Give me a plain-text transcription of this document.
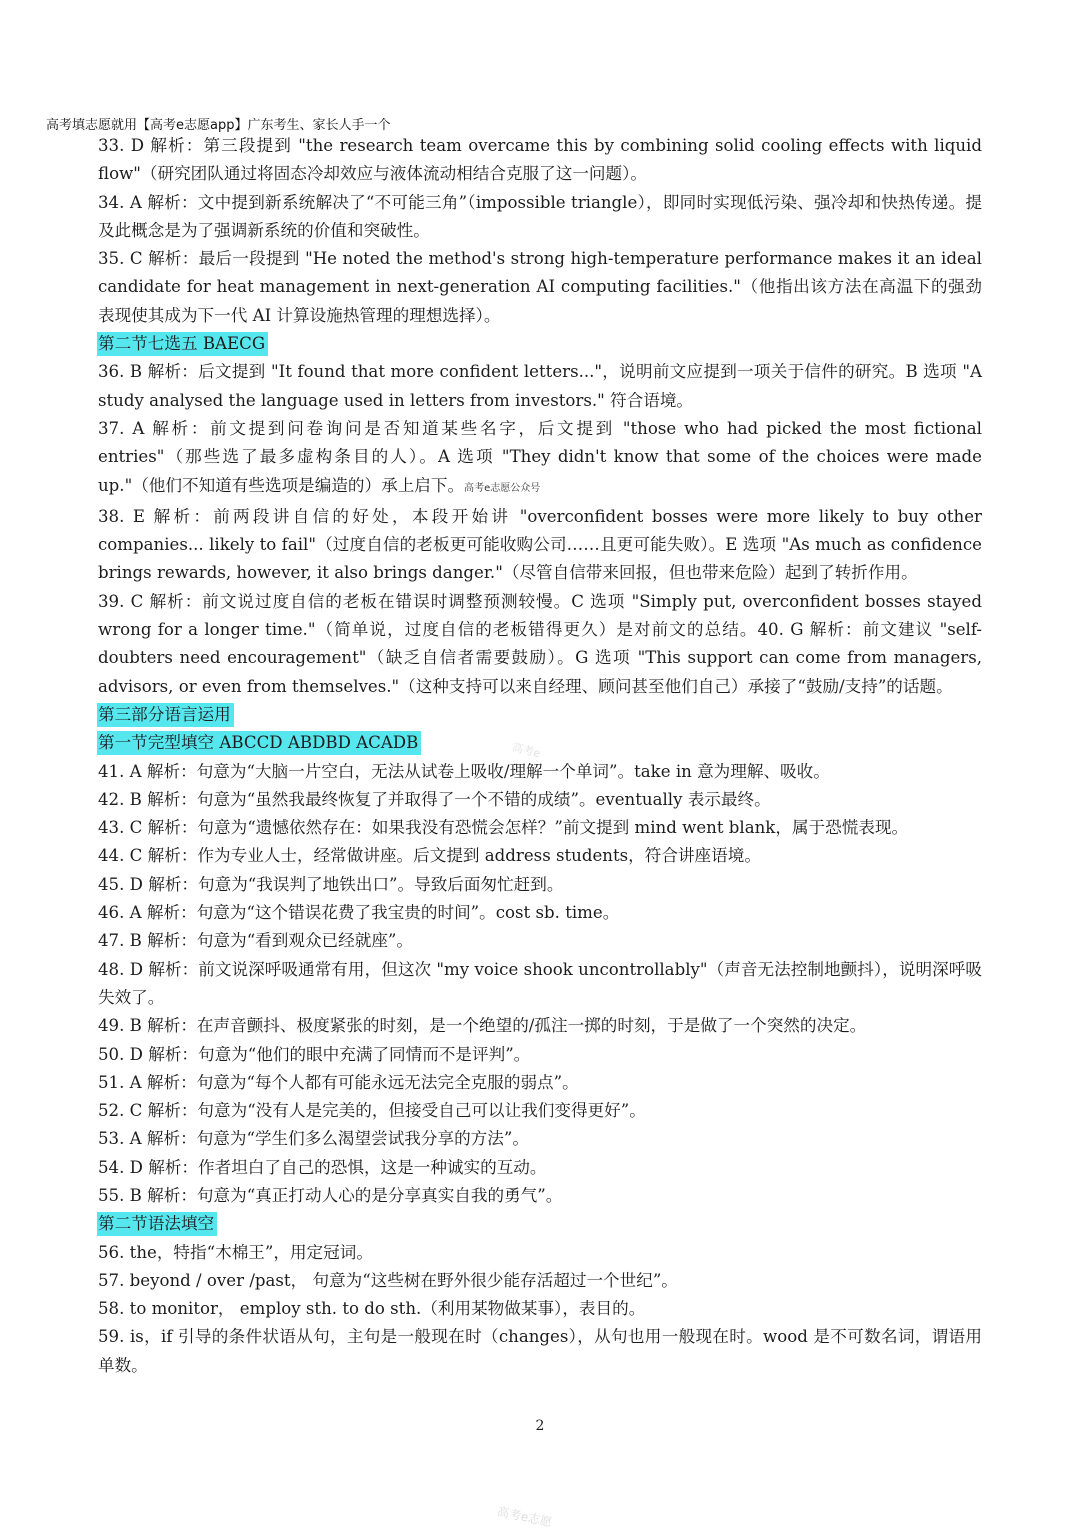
高考填志愿就用【高考e志愿app】广东考生、家长人手一个
高考e

33. D 解析：第三段提到 "the research team overcame this by combining solid cooling effects with liquid flow"（研究团队通过将固态冷却效应与液体流动相结合克服了这一问题）。

34. A 解析：文中提到新系统解决了“不可能三角”（impossible triangle），即同时实现低污染、强冷却和快热传递。提及此概念是为了强调新系统的价值和突破性。

35. C 解析：最后一段提到 "He noted the method's strong high-temperature performance makes it an ideal candidate for heat management in next-generation AI computing facilities."（他指出该方法在高温下的强劲表现使其成为下一代 AI 计算设施热管理的理想选择）。

第二节七选五 BAECG

36. B 解析：后文提到 "It found that more confident letters..."，说明前文应提到一项关于信件的研究。B 选项 "A study analysed the language used in letters from investors." 符合语境。

37. A 解析：前文提到问卷询问是否知道某些名字，后文提到 "those who had picked the most fictional entries"（那些选了最多虚构条目的人）。A 选项 "They didn't know that some of the choices were made up."（他们不知道有些选项是编造的）承上启下。高考e志愿公众号

38. E 解析：前两段讲自信的好处，本段开始讲 "overconfident bosses were more likely to buy other companies... likely to fail"（过度自信的老板更可能收购公司……且更可能失败）。E 选项 "As much as confidence brings rewards, however, it also brings danger."（尽管自信带来回报，但也带来危险）起到了转折作用。

39. C 解析：前文说过度自信的老板在错误时调整预测较慢。C 选项 "Simply put, overconfident bosses stayed wrong for a longer time."（简单说，过度自信的老板错得更久）是对前文的总结。40. G 解析：前文建议 "self-doubters need encouragement"（缺乏自信者需要鼓励）。G 选项 "This support can come from managers, advisors, or even from themselves."（这种支持可以来自经理、顾问甚至他们自己）承接了“鼓励/支持”的话题。

第三部分语言运用

第一节完型填空 ABCCD ABDBD ACADB

41. A 解析：句意为“大脑一片空白，无法从试卷上吸收/理解一个单词”。take in 意为理解、吸收。

42. B 解析：句意为“虽然我最终恢复了并取得了一个不错的成绩”。eventually 表示最终。

43. C 解析：句意为“遗憾依然存在：如果我没有恐慌会怎样？”前文提到 mind went blank，属于恐慌表现。

44. C 解析：作为专业人士，经常做讲座。后文提到 address students，符合讲座语境。

45. D 解析：句意为“我误判了地铁出口”。导致后面匆忙赶到。

46. A 解析：句意为“这个错误花费了我宝贵的时间”。cost sb. time。

47. B 解析：句意为“看到观众已经就座”。

48. D 解析：前文说深呼吸通常有用，但这次 "my voice shook uncontrollably"（声音无法控制地颤抖），说明深呼吸失效了。

49. B 解析：在声音颤抖、极度紧张的时刻，是一个绝望的/孤注一掷的时刻，于是做了一个突然的决定。

50. D 解析：句意为“他们的眼中充满了同情而不是评判”。

51. A 解析：句意为“每个人都有可能永远无法完全克服的弱点”。

52. C 解析：句意为“没有人是完美的，但接受自己可以让我们变得更好”。

53. A 解析：句意为“学生们多么渴望尝试我分享的方法”。

54. D 解析：作者坦白了自己的恐惧，这是一种诚实的互动。

55. B 解析：句意为“真正打动人心的是分享真实自我的勇气”。

第二节语法填空

56. the，特指“木棉王”，用定冠词。

57. beyond / over /past， 句意为“这些树在野外很少能存活超过一个世纪”。

58. to monitor， employ sth. to do sth.（利用某物做某事），表目的。

59. is，if 引导的条件状语从句，主句是一般现在时（changes），从句也用一般现在时。wood 是不可数名词，谓语用单数。

2
高考e志愿
